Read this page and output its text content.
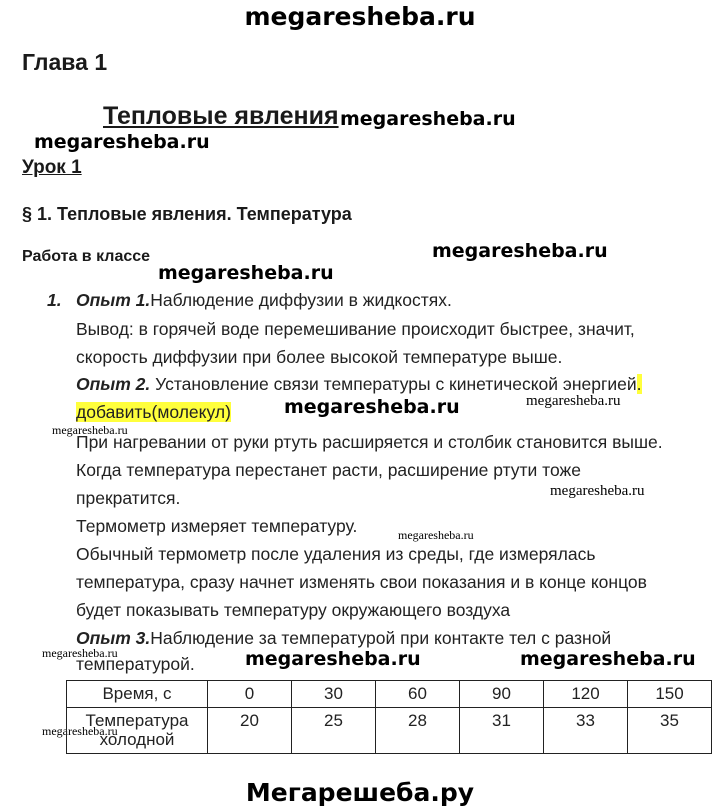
megaresheba.ru
megaresheba.ru
megaresheba.ru
megaresheba.ru
megaresheba.ru
megaresheba.ru	megaresheba.ru
megaresheba.ru
megaresheba.ru
megaresheba.ru
megaresheba.ru	megaresheba.ru	megaresheba.ru
megaresheba.ru
Мегарешеба.ру
Глава 1
Тепловые явления
Урок 1
§ 1. Тепловые явления. Температура
Работа в классе
1. Опыт 1.Наблюдение диффузии в жидкостях.
Вывод: в горячей воде перемешивание происходит быстрее, значит,
скорость диффузии при более высокой температуре выше.
Опыт 2. Установление связи температуры с кинетической энергией.
добавить(молекул)
При нагревании от руки ртуть расширяется и столбик становится выше.
Когда температура перестанет расти, расширение ртути тоже
прекратится.
Термометр измеряет температуру.
Обычный термометр после удаления из среды, где измерялась
температура, сразу начнет изменять свои показания и в конце концов
будет показывать температуру окружающего воздуха
Опыт 3.Наблюдение за температурой при контакте тел с разной
температурой.
Время, с	0	30	60	90	120	150

Температура
холодной	20	25	28	31	33	35
